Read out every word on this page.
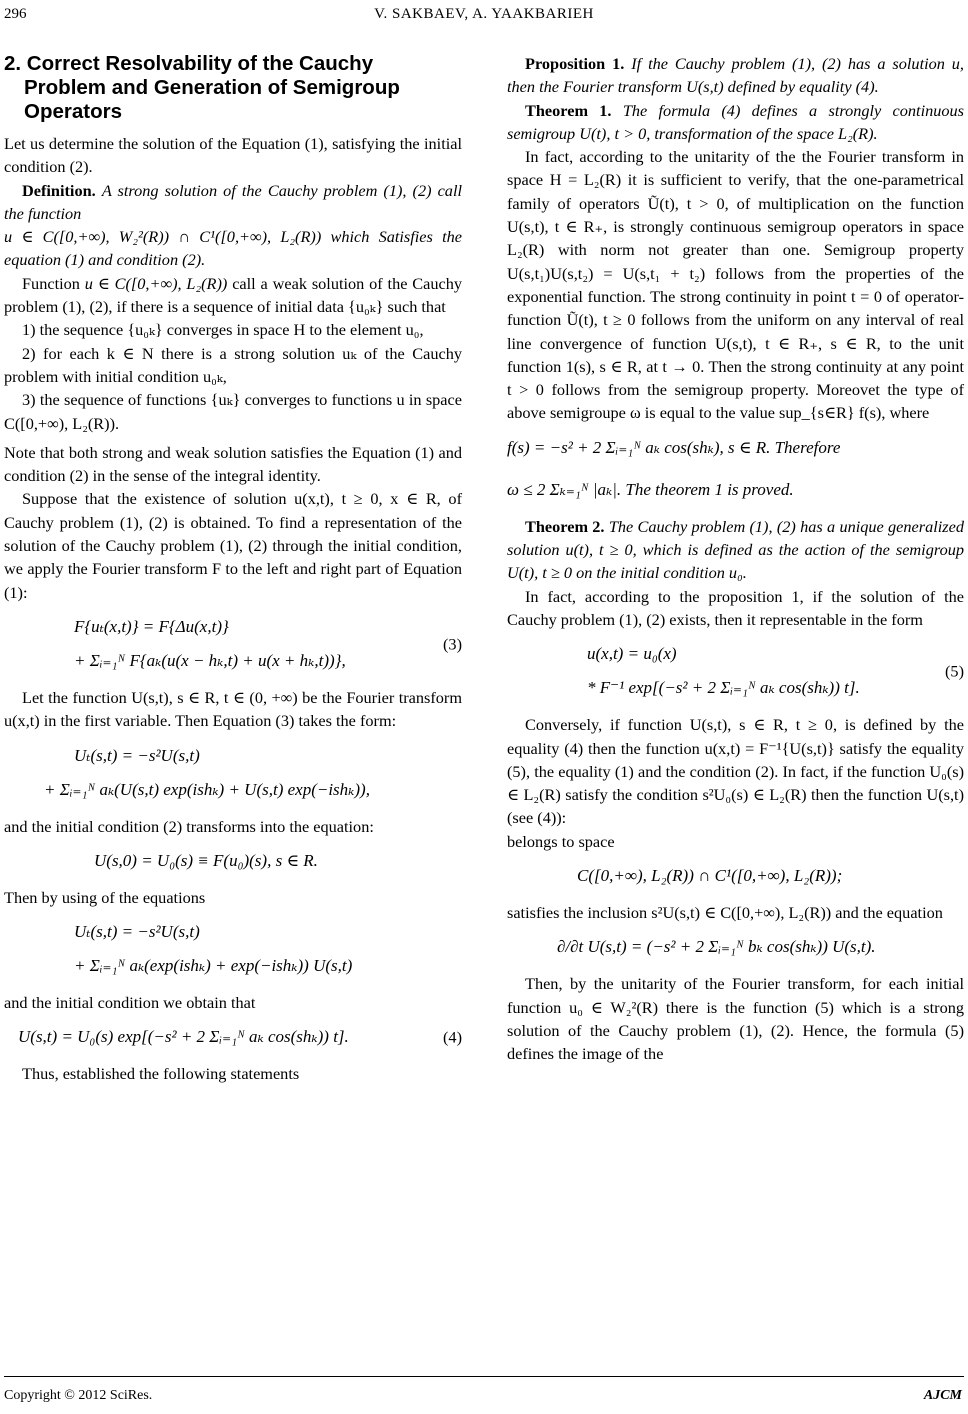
296	V. SAKBAEV, A. YAAKBARIEH
2. Correct Resolvability of the Cauchy
Problem and Generation of Semigroup
Operators

Let us determine the solution of the Equation (1), satisfying the initial condition (2).

Definition. A strong solution of the Cauchy problem (1), (2) call the function

u ∈ C([0,+∞), W₂²(R)) ∩ C¹([0,+∞), L₂(R)) which Satisfies the equation (1) and condition (2).

Function u ∈ C([0,+∞), L₂(R)) call a weak solution of the Cauchy problem (1), (2), if there is a sequence of initial data {u₀ₖ} such that

1) the sequence {u₀ₖ} converges in space H to the element u₀,

2) for each k ∈ N there is a strong solution uₖ of the Cauchy problem with initial condition u₀ₖ,

3) the sequence of functions {uₖ} converges to functions u in space C([0,+∞), L₂(R)).

Note that both strong and weak solution satisfies the Equation (1) and condition (2) in the sense of the integral identity.

Suppose that the existence of solution u(x,t), t ≥ 0, x ∈ R, of Cauchy problem (1), (2) is obtained. To find a representation of the solution of the Cauchy problem (1), (2) through the initial condition, we apply the Fourier transform F to the left and right part of Equation (1):

F{uₜ(x,t)} = F{Δu(x,t)}
+ Σᵢ₌₁ᴺ F{aₖ(u(x − hₖ,t) + u(x + hₖ,t))},
(3)

Let the function U(s,t), s ∈ R, t ∈ (0, +∞) be the Fourier transform u(x,t) in the first variable. Then Equation (3) takes the form:

Uₜ(s,t) = −s²U(s,t)
+ Σᵢ₌₁ᴺ aₖ(U(s,t) exp(ishₖ) + U(s,t) exp(−ishₖ)),

and the initial condition (2) transforms into the equation:

U(s,0) = U₀(s) ≡ F(u₀)(s), s ∈ R.

Then by using of the equations

Uₜ(s,t) = −s²U(s,t)
+ Σᵢ₌₁ᴺ aₖ(exp(ishₖ) + exp(−ishₖ)) U(s,t)

and the initial condition we obtain that

U(s,t) = U₀(s) exp[(−s² + 2 Σᵢ₌₁ᴺ aₖ cos(shₖ)) t].	(4)

Thus, established the following statements

Proposition 1. If the Cauchy problem (1), (2) has a solution u, then the Fourier transform U(s,t) defined by equality (4).

Theorem 1. The formula (4) defines a strongly continuous semigroup U(t), t > 0, transformation of the space L₂(R).

In fact, according to the unitarity of the the Fourier transform in space H = L₂(R) it is sufficient to verify, that the one-parametrical family of operators Ũ(t), t > 0, of multiplication on the function U(s,t), t ∈ R₊, is strongly continuous semigroup operators in space L₂(R) with norm not greater than one. Semigroup property U(s,t₁)U(s,t₂) = U(s,t₁ + t₂) follows from the properties of the exponential function. The strong continuity in point t = 0 of operator-function Ũ(t), t ≥ 0 follows from the uniform on any interval of real line convergence of function U(s,t), t ∈ R₊, s ∈ R, to the unit function 1(s), s ∈ R, at t → 0. Then the strong continuity at any point t > 0 follows from the semigroup property. Moreovet the type of above semigroupe ω is equal to the value sup_{s∈R} f(s), where

f(s) = −s² + 2 Σᵢ₌₁ᴺ aₖ cos(shₖ), s ∈ R. Therefore
ω ≤ 2 Σₖ₌₁ᴺ |aₖ|. The theorem 1 is proved.

Theorem 2. The Cauchy problem (1), (2) has a unique generalized solution u(t), t ≥ 0, which is defined as the action of the semigroup U(t), t ≥ 0 on the initial condition u₀.

In fact, according to the proposition 1, if the solution of the Cauchy problem (1), (2) exists, then it representable in the form

u(x,t) = u₀(x)
* F⁻¹ exp[(−s² + 2 Σᵢ₌₁ᴺ aₖ cos(shₖ)) t].
(5)

Conversely, if function U(s,t), s ∈ R, t ≥ 0, is defined by the equality (4) then the function u(x,t) = F⁻¹{U(s,t)} satisfy the equality (5), the equality (1) and the condition (2). In fact, if the function U₀(s) ∈ L₂(R) satisfy the condition s²U₀(s) ∈ L₂(R) then the function U(s,t) (see (4)):

belongs to space

C([0,+∞), L₂(R)) ∩ C¹([0,+∞), L₂(R));

satisfies the inclusion s²U(s,t) ∈ C([0,+∞), L₂(R)) and the equation

∂/∂t U(s,t) = (−s² + 2 Σᵢ₌₁ᴺ bₖ cos(shₖ)) U(s,t).

Then, by the unitarity of the Fourier transform, for each initial function u₀ ∈ W₂²(R) there is the function (5) which is a strong solution of the Cauchy problem (1), (2). Hence, the formula (5) defines the image of the

Copyright © 2012 SciRes.	AJCM
